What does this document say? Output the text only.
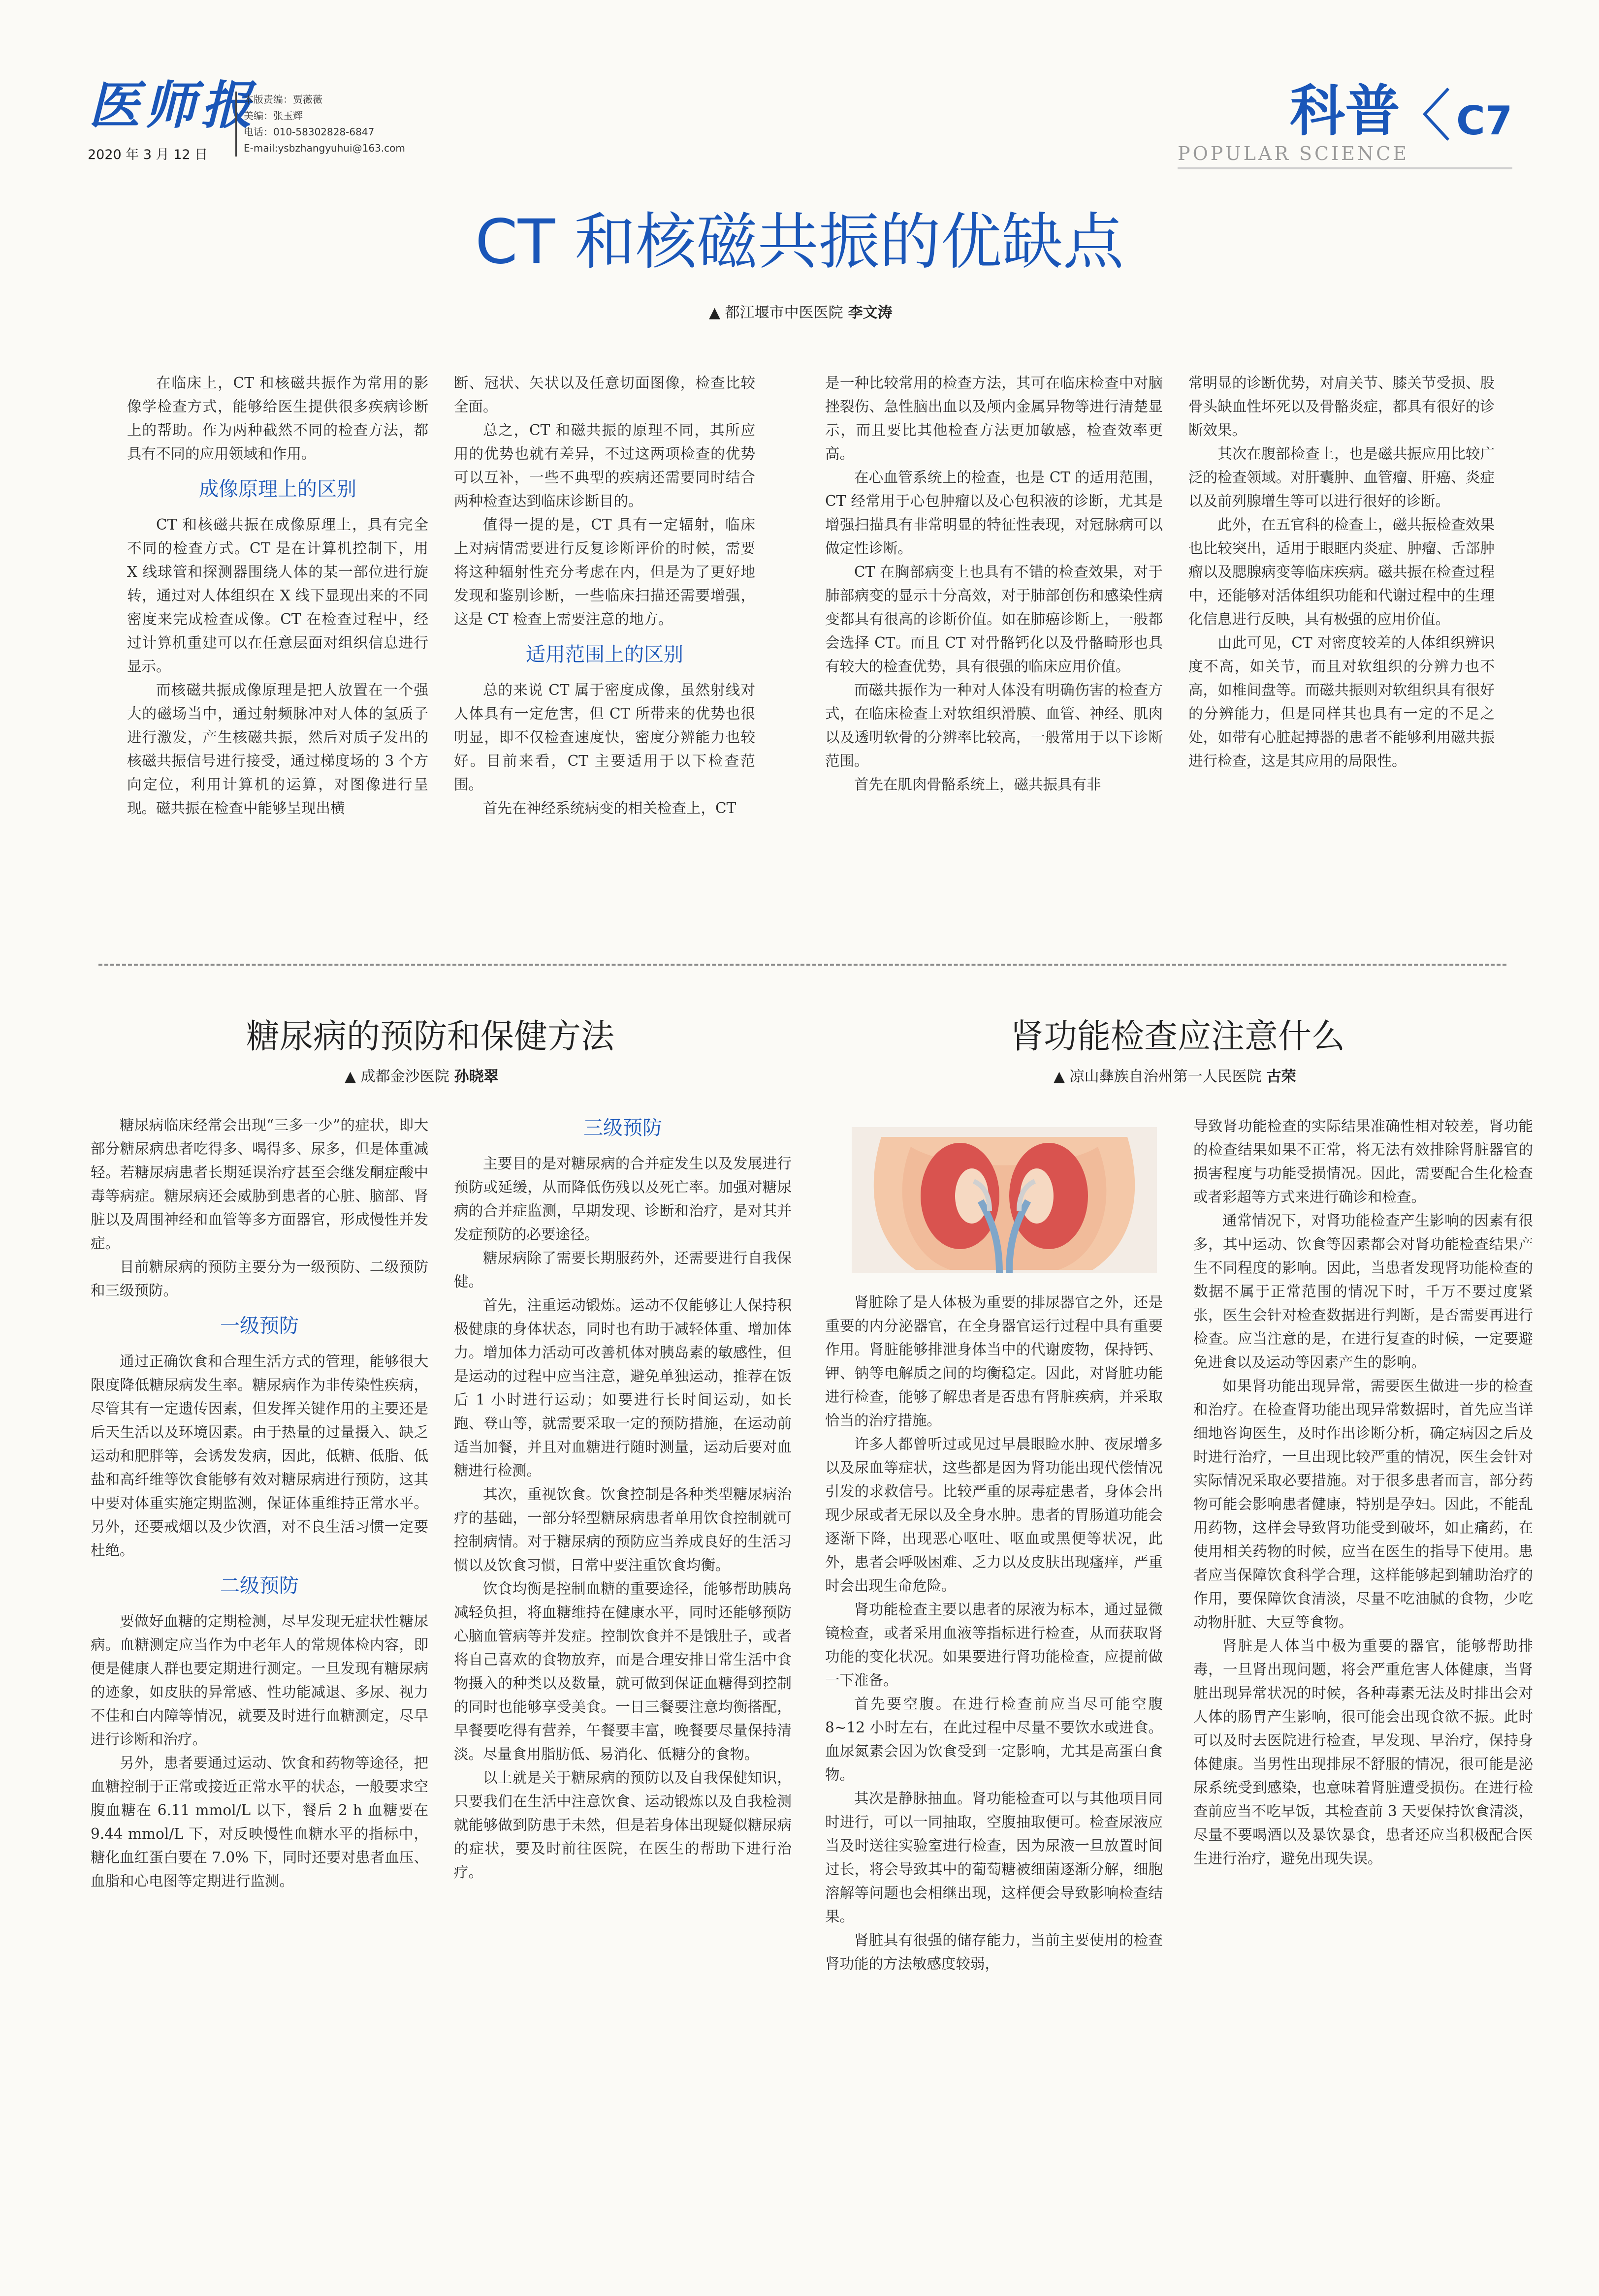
医师报
2020 年 3 月 12 日
本版责编：贾薇薇
美编：张玉辉
电话：010-58302828-6847
E-mail:ysbzhangyuhui@163.com
科普 C7
POPULAR SCIENCE
CT 和核磁共振的优缺点
▲ 都江堰市中医医院 李文涛

在临床上，CT 和核磁共振作为常用的影像学检查方式，能够给医生提供很多疾病诊断上的帮助。作为两种截然不同的检查方法，都具有不同的应用领域和作用。

成像原理上的区别

CT 和核磁共振在成像原理上，具有完全不同的检查方式。CT 是在计算机控制下，用 X 线球管和探测器围绕人体的某一部位进行旋转，通过对人体组织在 X 线下显现出来的不同密度来完成检查成像。CT 在检查过程中，经过计算机重建可以在任意层面对组织信息进行显示。

而核磁共振成像原理是把人放置在一个强大的磁场当中，通过射频脉冲对人体的氢质子进行激发，产生核磁共振，然后对质子发出的核磁共振信号进行接受，通过梯度场的 3 个方向定位，利用计算机的运算，对图像进行呈现。磁共振在检查中能够呈现出横

断、冠状、矢状以及任意切面图像，检查比较全面。

总之，CT 和磁共振的原理不同，其所应用的优势也就有差异，不过这两项检查的优势可以互补，一些不典型的疾病还需要同时结合两种检查达到临床诊断目的。

值得一提的是，CT 具有一定辐射，临床上对病情需要进行反复诊断评价的时候，需要将这种辐射性充分考虑在内，但是为了更好地发现和鉴别诊断，一些临床扫描还需要增强，这是 CT 检查上需要注意的地方。

适用范围上的区别

总的来说 CT 属于密度成像，虽然射线对人体具有一定危害，但 CT 所带来的优势也很明显，即不仅检查速度快，密度分辨能力也较好。目前来看，CT 主要适用于以下检查范围。

首先在神经系统病变的相关检查上，CT

是一种比较常用的检查方法，其可在临床检查中对脑挫裂伤、急性脑出血以及颅内金属异物等进行清楚显示，而且要比其他检查方法更加敏感，检查效率更高。

在心血管系统上的检查，也是 CT 的适用范围，CT 经常用于心包肿瘤以及心包积液的诊断，尤其是增强扫描具有非常明显的特征性表现，对冠脉病可以做定性诊断。

CT 在胸部病变上也具有不错的检查效果，对于肺部病变的显示十分高效，对于肺部创伤和感染性病变都具有很高的诊断价值。如在肺癌诊断上，一般都会选择 CT。而且 CT 对骨骼钙化以及骨骼畸形也具有较大的检查优势，具有很强的临床应用价值。

而磁共振作为一种对人体没有明确伤害的检查方式，在临床检查上对软组织滑膜、血管、神经、肌肉以及透明软骨的分辨率比较高，一般常用于以下诊断范围。

首先在肌肉骨骼系统上，磁共振具有非

常明显的诊断优势，对肩关节、膝关节受损、股骨头缺血性坏死以及骨骼炎症，都具有很好的诊断效果。

其次在腹部检查上，也是磁共振应用比较广泛的检查领域。对肝囊肿、血管瘤、肝癌、炎症以及前列腺增生等可以进行很好的诊断。

此外，在五官科的检查上，磁共振检查效果也比较突出，适用于眼眶内炎症、肿瘤、舌部肿瘤以及腮腺病变等临床疾病。磁共振在检查过程中，还能够对活体组织功能和代谢过程中的生理化信息进行反映，具有极强的应用价值。

由此可见，CT 对密度较差的人体组织辨识度不高，如关节，而且对软组织的分辨力也不高，如椎间盘等。而磁共振则对软组织具有很好的分辨能力，但是同样其也具有一定的不足之处，如带有心脏起搏器的患者不能够利用磁共振进行检查，这是其应用的局限性。

糖尿病的预防和保健方法
▲ 成都金沙医院 孙晓翠

糖尿病临床经常会出现“三多一少”的症状，即大部分糖尿病患者吃得多、喝得多、尿多，但是体重减轻。若糖尿病患者长期延误治疗甚至会继发酮症酸中毒等病症。糖尿病还会威胁到患者的心脏、脑部、肾脏以及周围神经和血管等多方面器官，形成慢性并发症。

目前糖尿病的预防主要分为一级预防、二级预防和三级预防。

一级预防

通过正确饮食和合理生活方式的管理，能够很大限度降低糖尿病发生率。糖尿病作为非传染性疾病，尽管其有一定遗传因素，但发挥关键作用的主要还是后天生活以及环境因素。由于热量的过量摄入、缺乏运动和肥胖等，会诱发发病，因此，低糖、低脂、低盐和高纤维等饮食能够有效对糖尿病进行预防，这其中要对体重实施定期监测，保证体重维持正常水平。另外，还要戒烟以及少饮酒，对不良生活习惯一定要杜绝。

二级预防

要做好血糖的定期检测，尽早发现无症状性糖尿病。血糖测定应当作为中老年人的常规体检内容，即便是健康人群也要定期进行测定。一旦发现有糖尿病的迹象，如皮肤的异常感、性功能减退、多尿、视力不佳和白内障等情况，就要及时进行血糖测定，尽早进行诊断和治疗。

另外，患者要通过运动、饮食和药物等途径，把血糖控制于正常或接近正常水平的状态，一般要求空腹血糖在 6.11 mmol/L 以下，餐后 2 h 血糖要在 9.44 mmol/L 下，对反映慢性血糖水平的指标中，糖化血红蛋白要在 7.0% 下，同时还要对患者血压、血脂和心电图等定期进行监测。

三级预防

主要目的是对糖尿病的合并症发生以及发展进行预防或延缓，从而降低伤残以及死亡率。加强对糖尿病的合并症监测，早期发现、诊断和治疗，是对其并发症预防的必要途径。

糖尿病除了需要长期服药外，还需要进行自我保健。

首先，注重运动锻炼。运动不仅能够让人保持积极健康的身体状态，同时也有助于减轻体重、增加体力。增加体力活动可改善机体对胰岛素的敏感性，但是运动的过程中应当注意，避免单独运动，推荐在饭后 1 小时进行运动；如要进行长时间运动，如长跑、登山等，就需要采取一定的预防措施，在运动前适当加餐，并且对血糖进行随时测量，运动后要对血糖进行检测。

其次，重视饮食。饮食控制是各种类型糖尿病治疗的基础，一部分轻型糖尿病患者单用饮食控制就可控制病情。对于糖尿病的预防应当养成良好的生活习惯以及饮食习惯，日常中要注重饮食均衡。

饮食均衡是控制血糖的重要途径，能够帮助胰岛减轻负担，将血糖维持在健康水平，同时还能够预防心脑血管病等并发症。控制饮食并不是饿肚子，或者将自己喜欢的食物放弃，而是合理安排日常生活中食物摄入的种类以及数量，就可做到保证血糖得到控制的同时也能够享受美食。一日三餐要注意均衡搭配，早餐要吃得有营养，午餐要丰富，晚餐要尽量保持清淡。尽量食用脂肪低、易消化、低糖分的食物。

以上就是关于糖尿病的预防以及自我保健知识，只要我们在生活中注意饮食、运动锻炼以及自我检测就能够做到防患于未然，但是若身体出现疑似糖尿病的症状，要及时前往医院，在医生的帮助下进行治疗。

肾功能检查应注意什么
▲ 凉山彝族自治州第一人民医院 古荣

肾脏除了是人体极为重要的排尿器官之外，还是重要的内分泌器官，在全身器官运行过程中具有重要作用。肾脏能够排泄身体当中的代谢废物，保持钙、钾、钠等电解质之间的均衡稳定。因此，对肾脏功能进行检查，能够了解患者是否患有肾脏疾病，并采取恰当的治疗措施。

许多人都曾听过或见过早晨眼睑水肿、夜尿增多以及尿血等症状，这些都是因为肾功能出现代偿情况引发的求救信号。比较严重的尿毒症患者，身体会出现少尿或者无尿以及全身水肿。患者的胃肠道功能会逐渐下降，出现恶心呕吐、呕血或黑便等状况，此外，患者会呼吸困难、乏力以及皮肤出现瘙痒，严重时会出现生命危险。

肾功能检查主要以患者的尿液为标本，通过显微镜检查，或者采用血液等指标进行检查，从而获取肾功能的变化状况。如果要进行肾功能检查，应提前做一下准备。

首先要空腹。在进行检查前应当尽可能空腹 8~12 小时左右，在此过程中尽量不要饮水或进食。血尿氮素会因为饮食受到一定影响，尤其是高蛋白食物。

其次是静脉抽血。肾功能检查可以与其他项目同时进行，可以一同抽取，空腹抽取便可。检查尿液应当及时送往实验室进行检查，因为尿液一旦放置时间过长，将会导致其中的葡萄糖被细菌逐渐分解，细胞溶解等问题也会相继出现，这样便会导致影响检查结果。

肾脏具有很强的储存能力，当前主要使用的检查肾功能的方法敏感度较弱，

导致肾功能检查的实际结果准确性相对较差，肾功能的检查结果如果不正常，将无法有效排除肾脏器官的损害程度与功能受损情况。因此，需要配合生化检查或者彩超等方式来进行确诊和检查。

通常情况下，对肾功能检查产生影响的因素有很多，其中运动、饮食等因素都会对肾功能检查结果产生不同程度的影响。因此，当患者发现肾功能检查的数据不属于正常范围的情况下时，千万不要过度紧张，医生会针对检查数据进行判断，是否需要再进行检查。应当注意的是，在进行复查的时候，一定要避免进食以及运动等因素产生的影响。

如果肾功能出现异常，需要医生做进一步的检查和治疗。在检查肾功能出现异常数据时，首先应当详细地咨询医生，及时作出诊断分析，确定病因之后及时进行治疗，一旦出现比较严重的情况，医生会针对实际情况采取必要措施。对于很多患者而言，部分药物可能会影响患者健康，特别是孕妇。因此，不能乱用药物，这样会导致肾功能受到破坏，如止痛药，在使用相关药物的时候，应当在医生的指导下使用。患者应当保障饮食科学合理，这样能够起到辅助治疗的作用，要保障饮食清淡，尽量不吃油腻的食物，少吃动物肝脏、大豆等食物。

肾脏是人体当中极为重要的器官，能够帮助排毒，一旦肾出现问题，将会严重危害人体健康，当肾脏出现异常状况的时候，各种毒素无法及时排出会对人体的肠胃产生影响，很可能会出现食欲不振。此时可以及时去医院进行检查，早发现、早治疗，保持身体健康。当男性出现排尿不舒服的情况，很可能是泌尿系统受到感染，也意味着肾脏遭受损伤。在进行检查前应当不吃早饭，其检查前 3 天要保持饮食清淡，尽量不要喝酒以及暴饮暴食，患者还应当积极配合医生进行治疗，避免出现失误。
